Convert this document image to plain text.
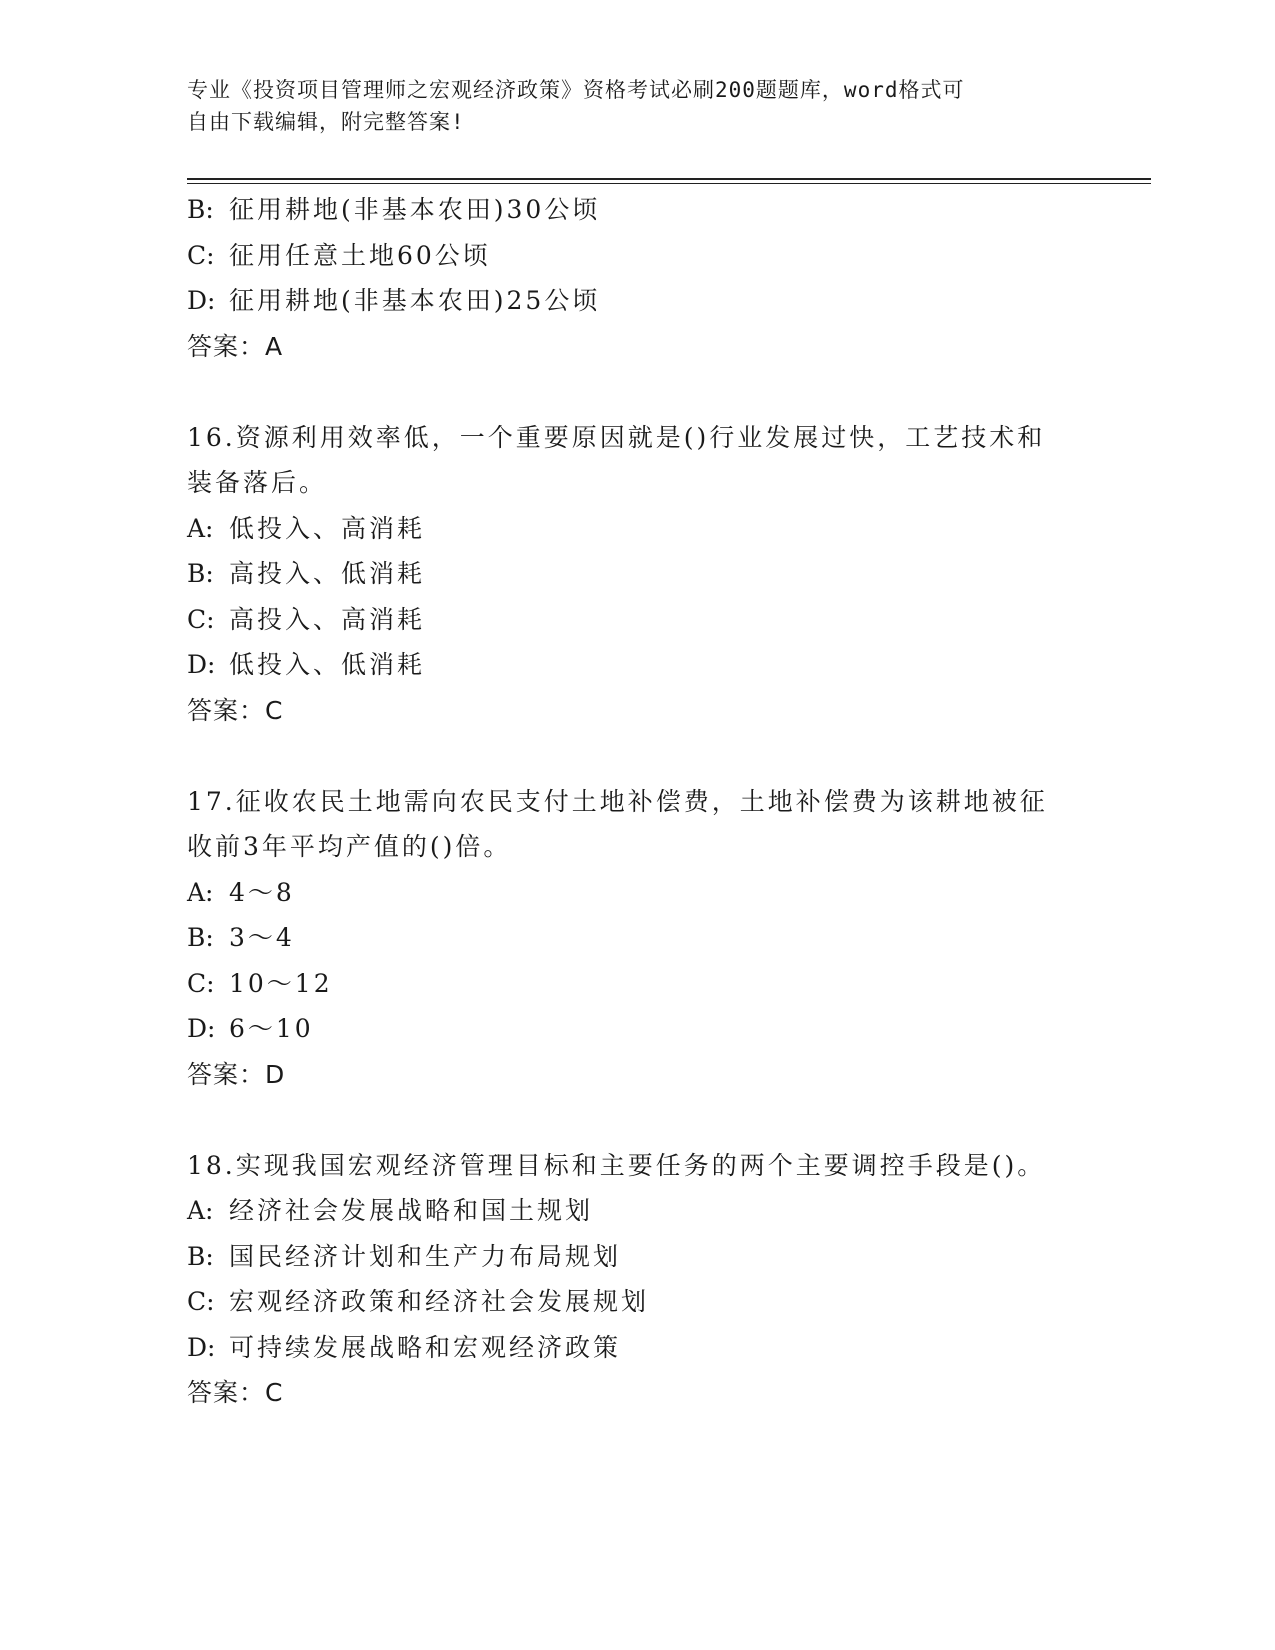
专业《投资项目管理师之宏观经济政策》资格考试必刷200题题库，word格式可
自由下载编辑，附完整答案!
B: 征用耕地(非基本农田)30公顷
C: 征用任意土地60公顷
D: 征用耕地(非基本农田)25公顷
答案：A
16.资源利用效率低，一个重要原因就是()行业发展过快，工艺技术和
装备落后。
A: 低投入、高消耗
B: 高投入、低消耗
C: 高投入、高消耗
D: 低投入、低消耗
答案：C
17.征收农民土地需向农民支付土地补偿费，土地补偿费为该耕地被征
收前3年平均产值的()倍。
A: 4～8
B: 3～4
C: 10～12
D: 6～10
答案：D
18.实现我国宏观经济管理目标和主要任务的两个主要调控手段是()。
A: 经济社会发展战略和国土规划
B: 国民经济计划和生产力布局规划
C: 宏观经济政策和经济社会发展规划
D: 可持续发展战略和宏观经济政策
答案：C
